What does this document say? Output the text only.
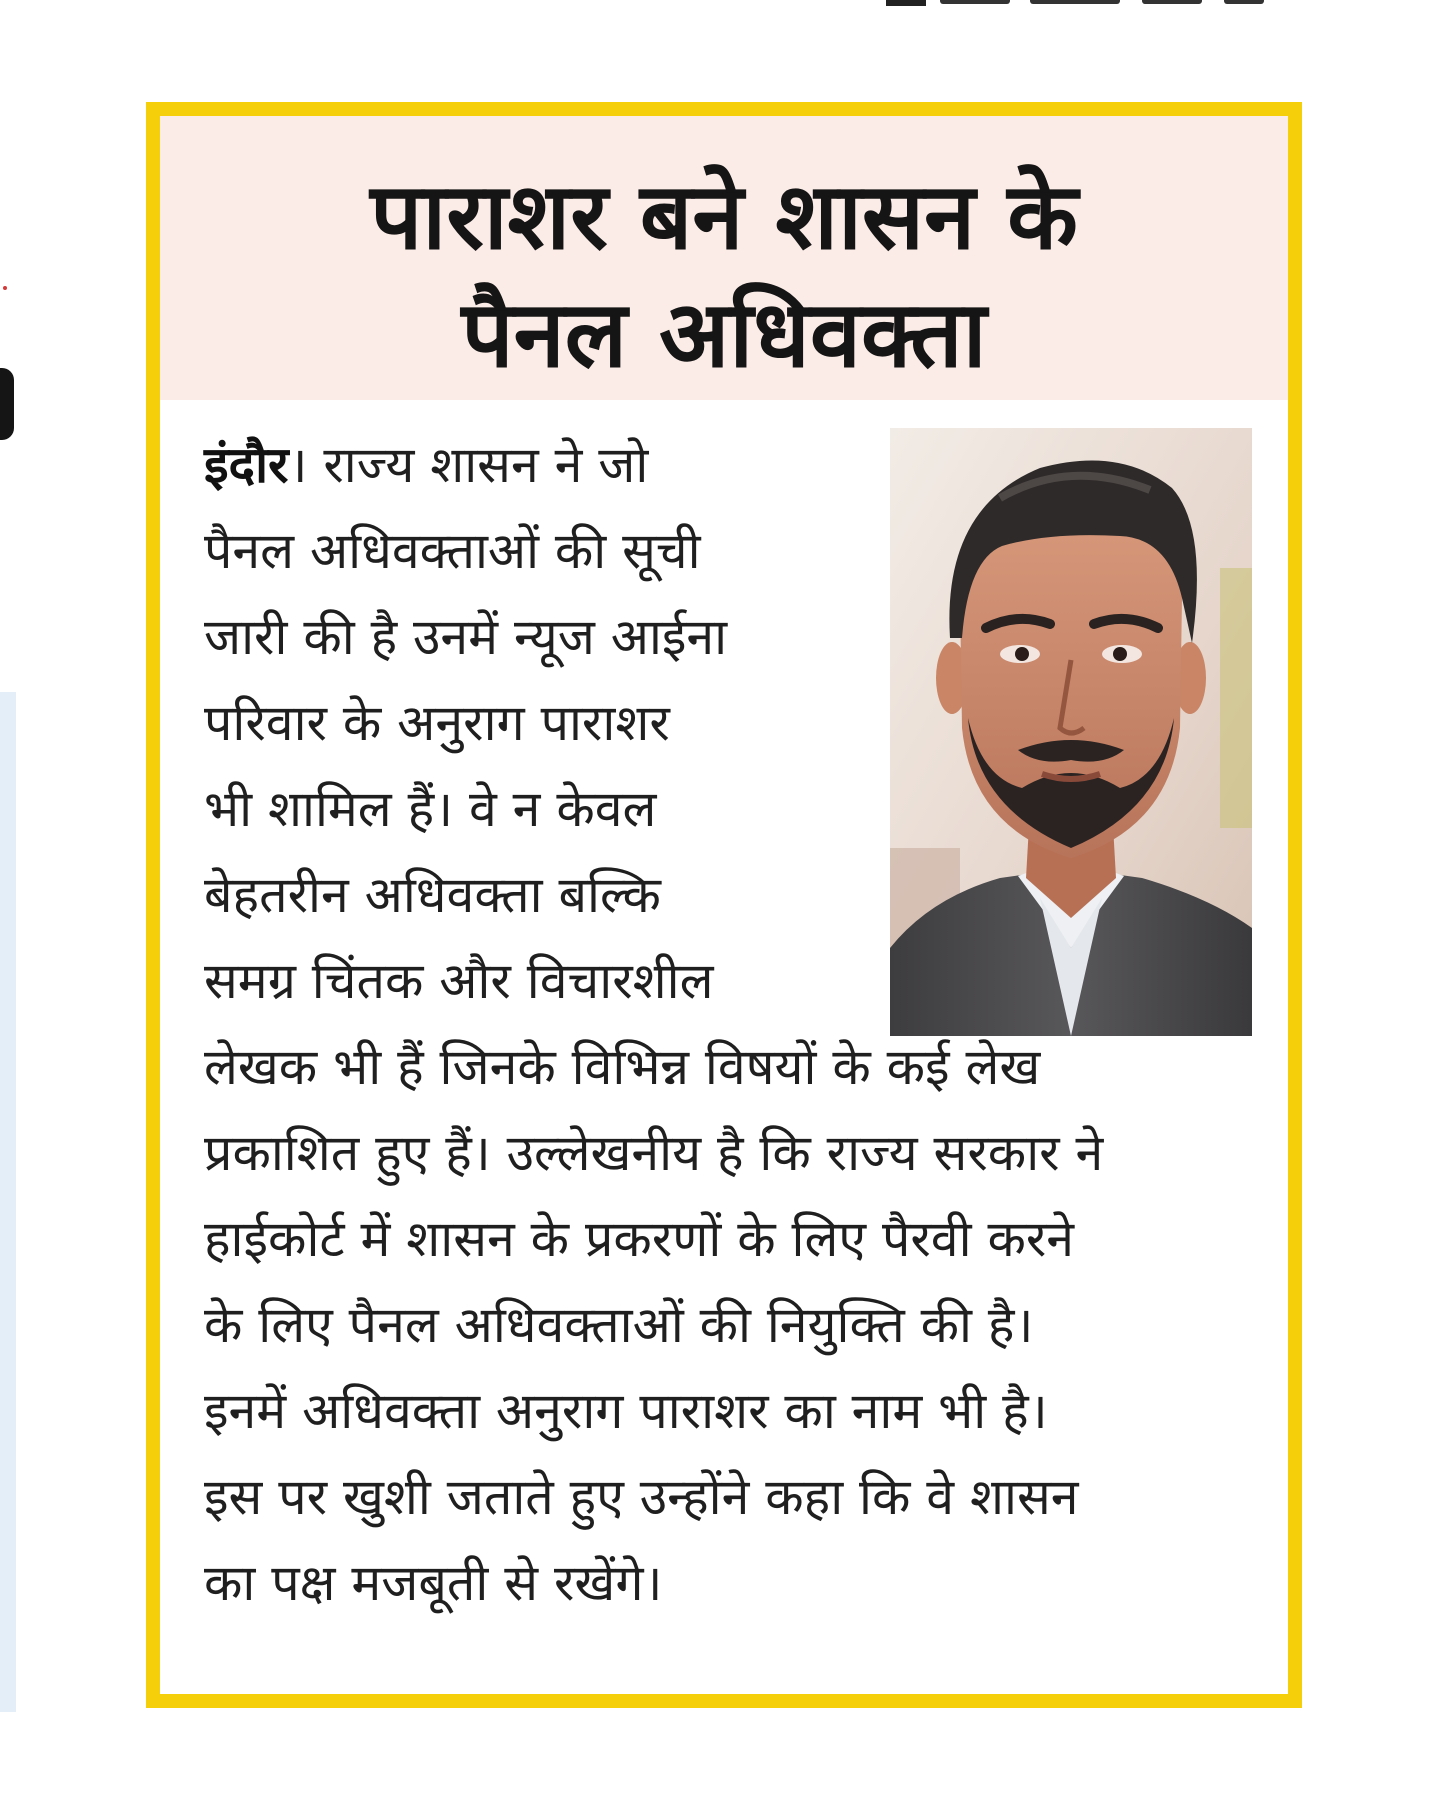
पाराशर बने शासन के
पैनल अधिवक्ता
इंदौर। राज्य शासन ने जो
पैनल अधिवक्ताओं की सूची
जारी की है उनमें न्यूज आईना
परिवार के अनुराग पाराशर
भी शामिल हैं। वे न केवल
बेहतरीन अधिवक्ता बल्कि
समग्र चिंतक और विचारशील
लेखक भी हैं जिनके विभिन्न विषयों के कई लेख
प्रकाशित हुए हैं। उल्लेखनीय है कि राज्य सरकार ने
हाईकोर्ट में शासन के प्रकरणों के लिए पैरवी करने
के लिए पैनल अधिवक्ताओं की नियुक्ति की है।
इनमें अधिवक्ता अनुराग पाराशर का नाम भी है।
इस पर खुशी जताते हुए उन्होंने कहा कि वे शासन
का पक्ष मजबूती से रखेंगे।
